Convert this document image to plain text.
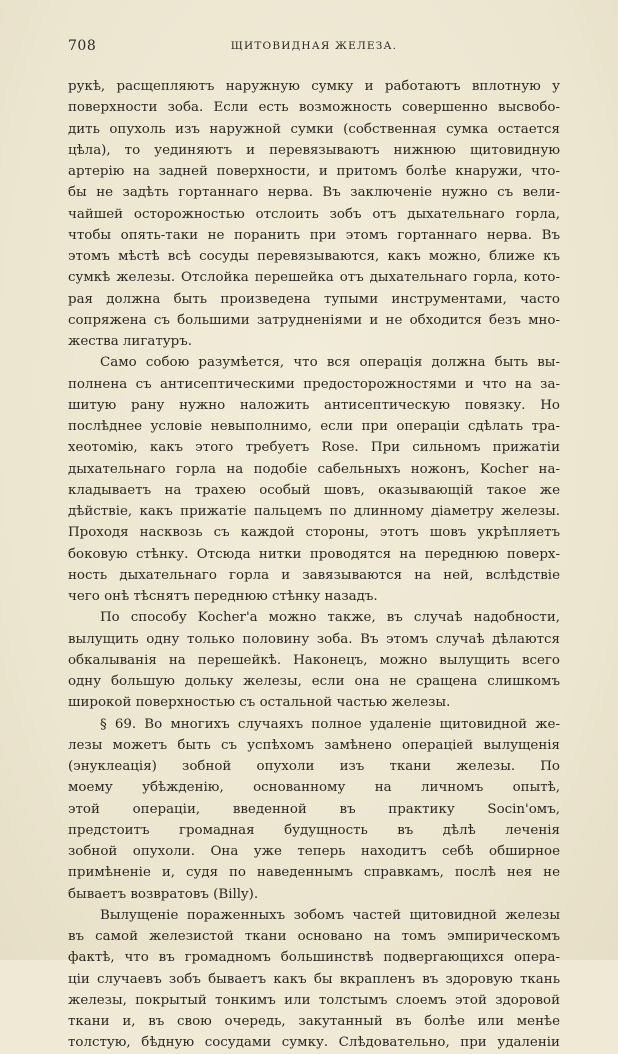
708	ЩИТОВИДНАЯ ЖЕЛЕЗА.
рукѣ, расщепляютъ наружную сумку и работаютъ вплотную у
поверхности зоба. Если есть возможность совершенно высвобо-
дить опухоль изъ наружной сумки (собственная сумка остается
цѣла), то уединяютъ и перевязываютъ нижнюю щитовидную
артерію на задней поверхности, и притомъ болѣе кнаружи, что-
бы не задѣть гортаннаго нерва. Въ заключеніе нужно съ вели-
чайшей осторожностью отслоить зобъ отъ дыхательнаго горла,
чтобы опять-таки не поранить при этомъ гортаннаго нерва. Въ
этомъ мѣстѣ всѣ сосуды перевязываются, какъ можно, ближе къ
сумкѣ железы. Отслойка перешейка отъ дыхательнаго горла, кото-
рая должна быть произведена тупыми инструментами, часто
сопряжена съ большими затрудненіями и не обходится безъ мно-
жества лигатуръ.
Само собою разумѣется, что вся операція должна быть вы-
полнена съ антисептическими предосторожностями и что на за-
шитую рану нужно наложить антисептическую повязку. Но
послѣднее условіе невыполнимо, если при операціи сдѣлать тра-
хеотомію, какъ этого требуетъ Rose. При сильномъ прижатіи
дыхательнаго горла на подобіе сабельныхъ ножонъ, Kocher на-
кладываетъ на трахею особый шовъ, оказывающій такое же
дѣйствіе, какъ прижатіе пальцемъ по длинному діаметру железы.
Проходя насквозь съ каждой стороны, этотъ шовъ укрѣпляетъ
боковую стѣнку. Отсюда нитки проводятся на переднюю поверх-
ность дыхательнаго горла и завязываются на ней, вслѣдствіе
чего онѣ тѣснятъ переднюю стѣнку назадъ.
По способу Kocher'а можно также, въ случаѣ надобности,
вылущить одну только половину зоба. Въ этомъ случаѣ дѣлаются
обкалыванія на перешейкѣ. Наконецъ, можно вылущить всего
одну большую дольку железы, если она не сращена слишкомъ
широкой поверхностью съ остальной частью железы.
§ 69. Во многихъ случаяхъ полное удаленіе щитовидной же-
лезы можетъ быть съ успѣхомъ замѣнено операціей вылущенія
(энуклеація) зобной опухоли изъ ткани железы. По
моему убѣжденію, основанному на личномъ опытѣ,
этой операціи, введенной въ практику Socin'омъ,
предстоитъ громадная будущность въ дѣлѣ леченія
зобной опухоли. Она уже теперь находитъ себѣ обширное
примѣненіе и, судя по наведеннымъ справкамъ, послѣ нея не
бываетъ возвратовъ (Billy).
Вылущеніе пораженныхъ зобомъ частей щитовидной железы
въ самой железистой ткани основано на томъ эмпирическомъ
фактѣ, что въ громадномъ большинствѣ подвергающихся опера-
ціи случаевъ зобъ бываетъ какъ бы вкрапленъ въ здоровую ткань
железы, покрытый тонкимъ или толстымъ слоемъ этой здоровой
ткани и, въ свою очередь, закутанный въ болѣе или менѣе
толстую, бѣдную сосудами сумку. Слѣдовательно, при удаленіи
